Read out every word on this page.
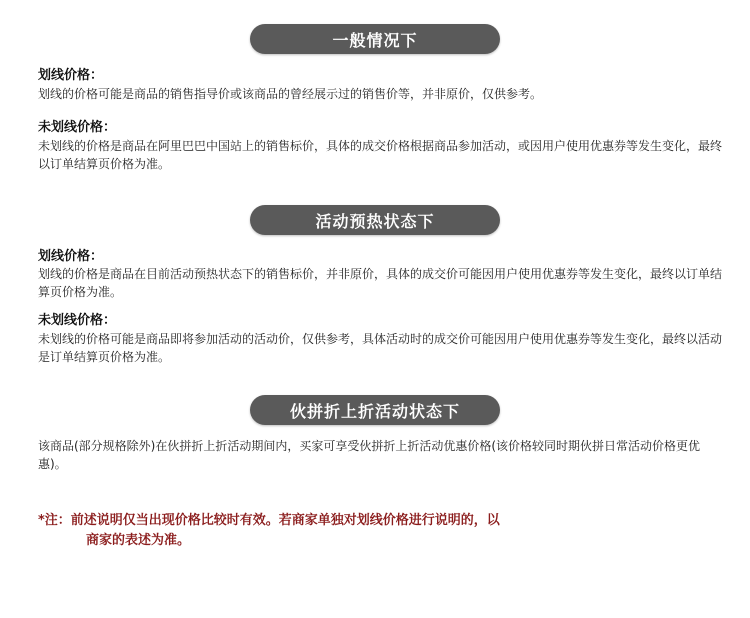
一般情况下
划线价格：
划线的价格可能是商品的销售指导价或该商品的曾经展示过的销售价等，并非原价，仅供参考。
未划线价格：
未划线的价格是商品在阿里巴巴中国站上的销售标价，具体的成交价格根据商品参加活动，或因用户使用优惠券等发生变化，最终以订单结算页价格为准。
活动预热状态下
划线价格：
划线的价格是商品在目前活动预热状态下的销售标价，并非原价，具体的成交价可能因用户使用优惠券等发生变化，最终以订单结算页价格为准。
未划线价格：
未划线的价格可能是商品即将参加活动的活动价，仅供参考，具体活动时的成交价可能因用户使用优惠券等发生变化，最终以活动是订单结算页价格为准。
伙拼折上折活动状态下
该商品(部分规格除外)在伙拼折上折活动期间内，买家可享受伙拼折上折活动优惠价格(该价格较同时期伙拼日常活动价格更优惠)。
*注：前述说明仅当出现价格比较时有效。若商家单独对划线价格进行说明的，以
商家的表述为准。
